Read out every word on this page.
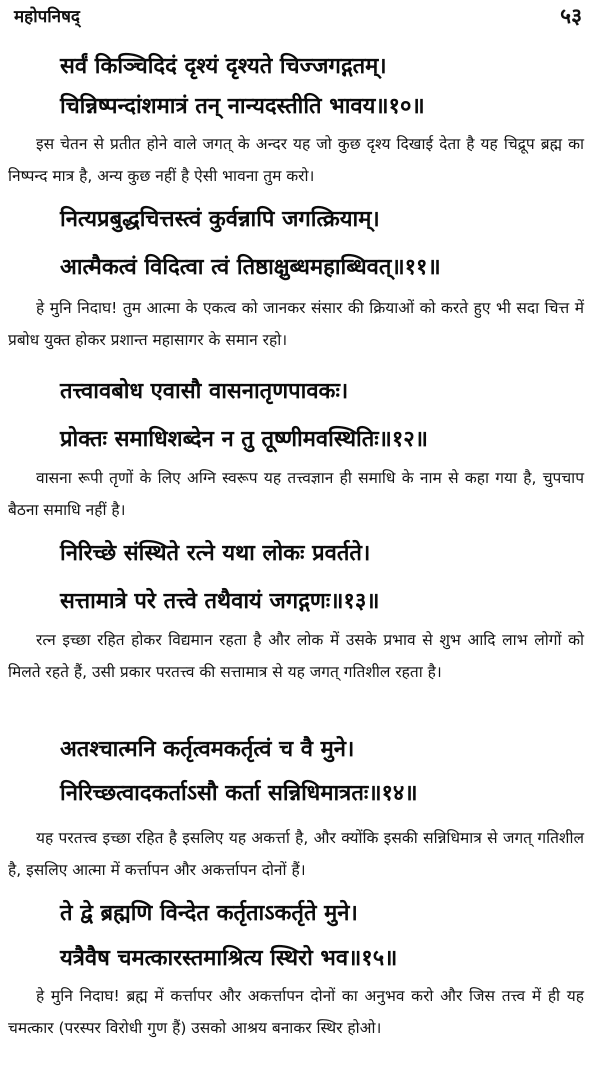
महोपनिषद्	५३
सर्वं किञ्चिदिदं दृश्यं दृश्यते चिज्जगद्गतम्।
चिन्निष्पन्दांशमात्रं तन् नान्यदस्तीति भावय॥१०॥

इस चेतन से प्रतीत होने वाले जगत् के अन्दर यह जो कुछ दृश्य दिखाई देता है यह चिद्रूप ब्रह्म का निष्पन्द मात्र है, अन्य कुछ नहीं है ऐसी भावना तुम करो।

नित्यप्रबुद्धचित्तस्त्वं कुर्वन्नापि जगत्क्रियाम्।
आत्मैकत्वं विदित्वा त्वं तिष्ठाक्षुब्धमहाब्धिवत्॥११॥

हे मुनि निदाघ! तुम आत्मा के एकत्व को जानकर संसार की क्रियाओं को करते हुए भी सदा चित्त में प्रबोध युक्त होकर प्रशान्त महासागर के समान रहो।

तत्त्वावबोध एवासौ वासनातृणपावकः।
प्रोक्तः समाधिशब्देन न तु तूष्णीमवस्थितिः॥१२॥

वासना रूपी तृणों के लिए अग्नि स्वरूप यह तत्त्वज्ञान ही समाधि के नाम से कहा गया है, चुपचाप बैठना समाधि नहीं है।

निरिच्छे संस्थिते रत्ने यथा लोकः प्रवर्तते।
सत्तामात्रे परे तत्त्वे तथैवायं जगद्गणः॥१३॥

रत्न इच्छा रहित होकर विद्यमान रहता है और लोक में उसके प्रभाव से शुभ आदि लाभ लोगों को मिलते रहते हैं, उसी प्रकार परतत्त्व की सत्तामात्र से यह जगत् गतिशील रहता है।

अतश्चात्मनि कर्तृत्वमकर्तृत्वं च वै मुने।
निरिच्छत्वादकर्ताऽसौ कर्ता सन्निधिमात्रतः॥१४॥

यह परतत्त्व इच्छा रहित है इसलिए यह अकर्त्ता है, और क्योंकि इसकी सन्निधिमात्र से जगत् गतिशील है, इसलिए आत्मा में कर्त्तापन और अकर्त्तापन दोनों हैं।

ते द्वे ब्रह्मणि विन्देत कर्तृताऽकर्तृते मुने।
यत्रैवैष चमत्कारस्तमाश्रित्य स्थिरो भव॥१५॥

हे मुनि निदाघ! ब्रह्म में कर्त्तापर और अकर्त्तापन दोनों का अनुभव करो और जिस तत्त्व में ही यह चमत्कार (परस्पर विरोधी गुण हैं) उसको आश्रय बनाकर स्थिर होओ।
